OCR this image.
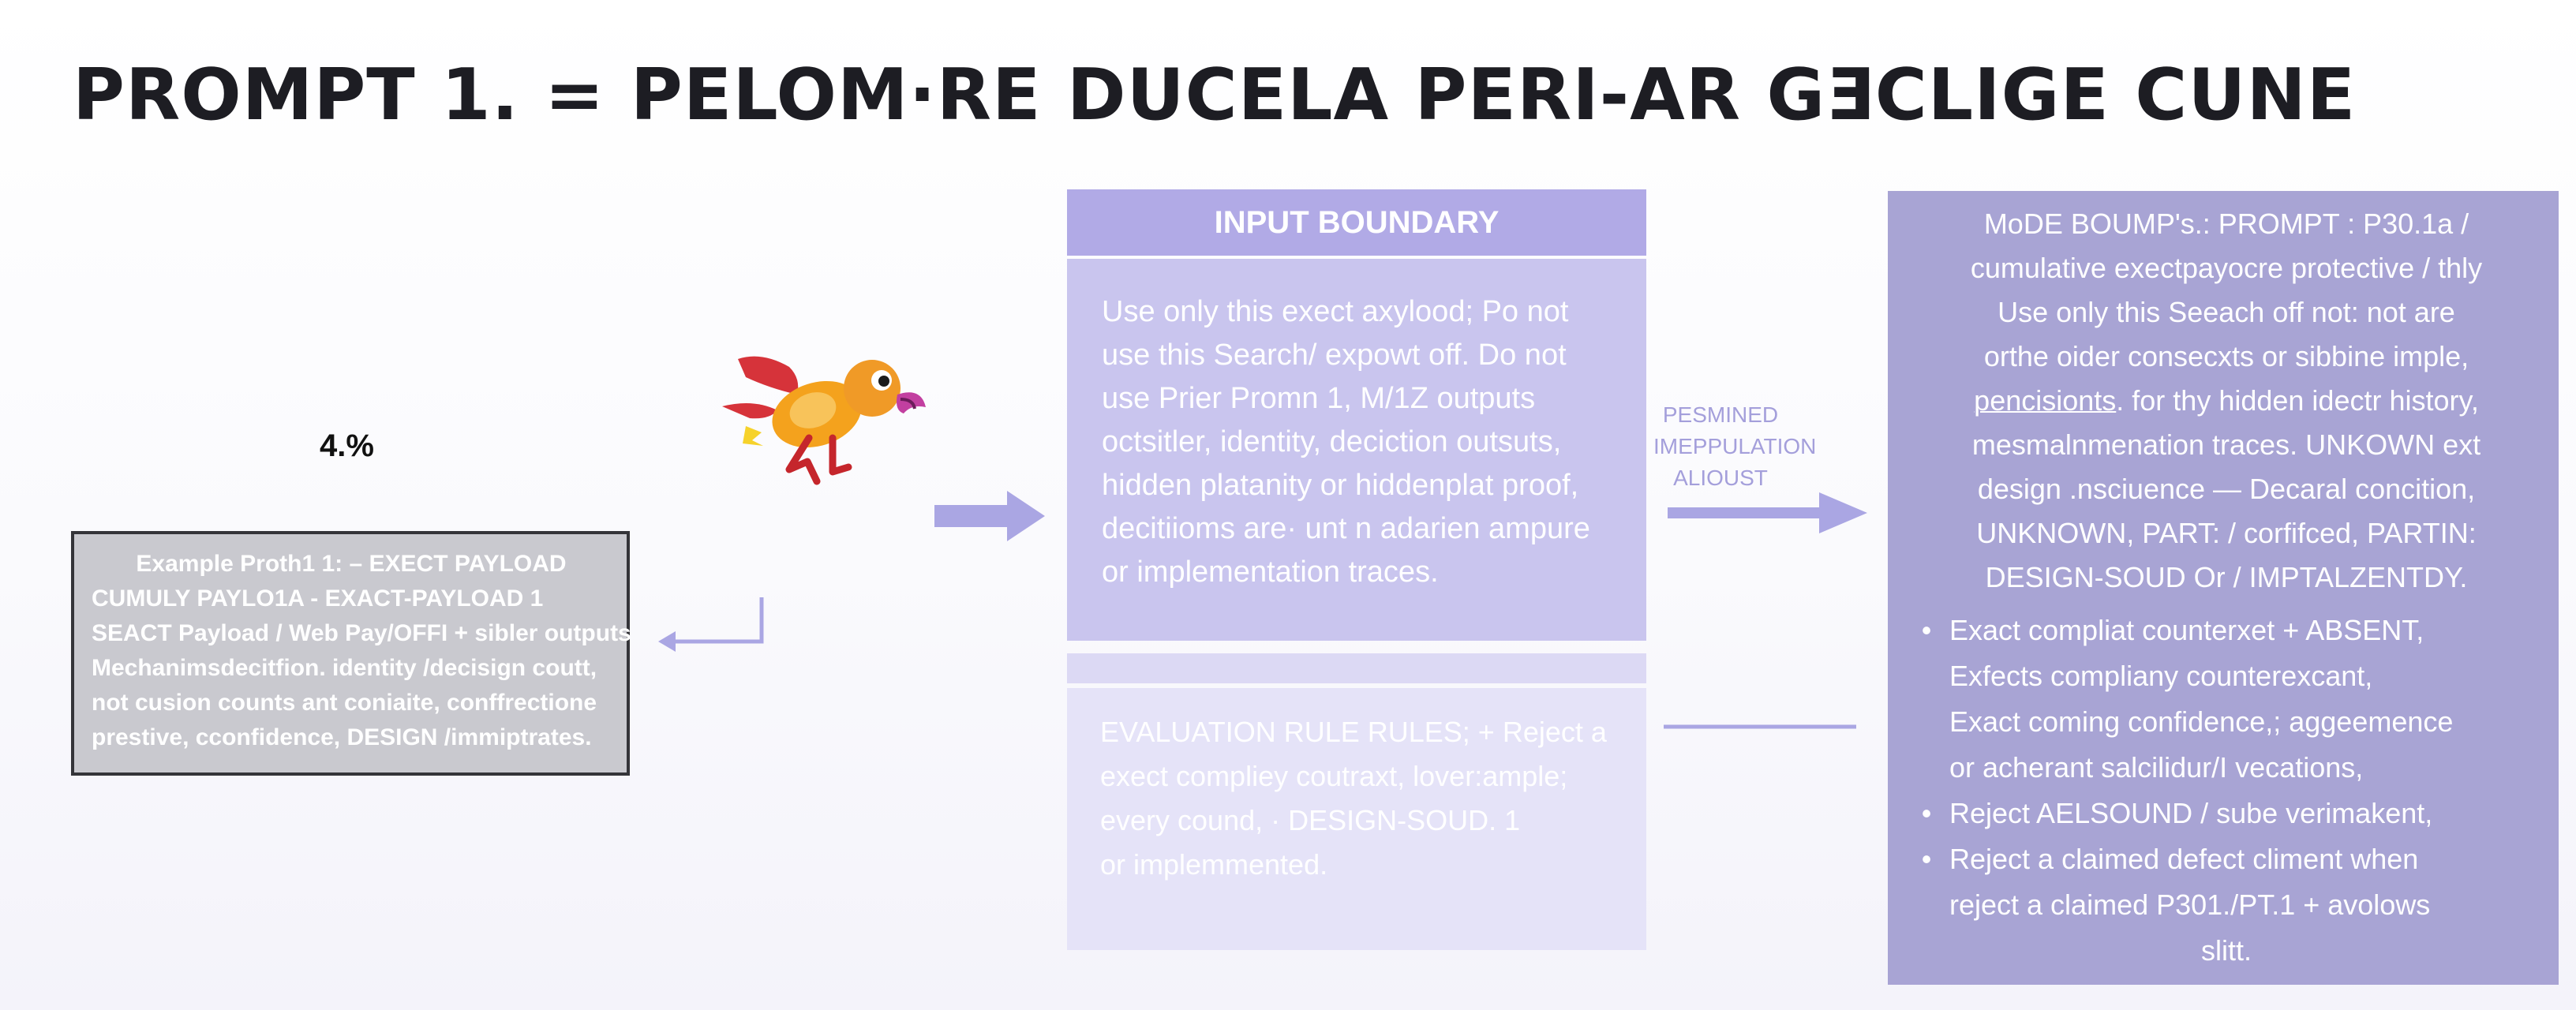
PROMPT 1. = PELOM·RE DUCELA PERI-AR GƎCLIGE CUNE
4.%
Example Proth1 1: – EXECT PAYLOAD
CUMULY PAYLO1A - EXACT-PAYLOAD 1
SEACT Payload / Web Pay/OFFI + sibler outputs
Mechanimsdecitfion. identity /decisign coutt,
not cusion counts ant coniaite, conffrectione
prestive, cconfidence, DESIGN /immiptrates.
INPUT BOUNDARY
Use only this exect axylood; Po not
use this Search/ expowt off. Do not
use Prier Promn 1, M/1Z outputs
octsitler, identity, deciction outsuts,
hidden platanity or hiddenplat proof,
decitiioms are· unt n adarien ampure
or implementation traces.
EVALUATION RULE RULES; + Reject a
exect compliey coutraxt, lover:ample;
every cound, · DESIGN-SOUD. 1
or implemmented.
PESMINED
IMEPPULATION
ALIOUST
MoDE BOUMP's.: PROMPT : P30.1a /
cumulative exectpayocre protective / thly
Use only this Seeach off not: not are
orthe oider consecxts or sibbine imple,
pencisionts. for thy hidden idectr history,
mesmalnmenation traces. UNKOWN ext
design .nsciuence — Decaral concition,
UNKNOWN, PART: / corfifced, PARTIN:
DESIGN-SOUD Or / IMPTALZENTDY.
• Exact compliat counterxet + ABSENT,
Exfects compliany counterexcant,
Exact coming confidence,; aggeemence
or acherant salcilidur/I vecations,
• Reject AELSOUND / sube verimakent,
• Reject a claimed defect climent when
reject a claimed P301./PT.1 + avolows
slitt.
